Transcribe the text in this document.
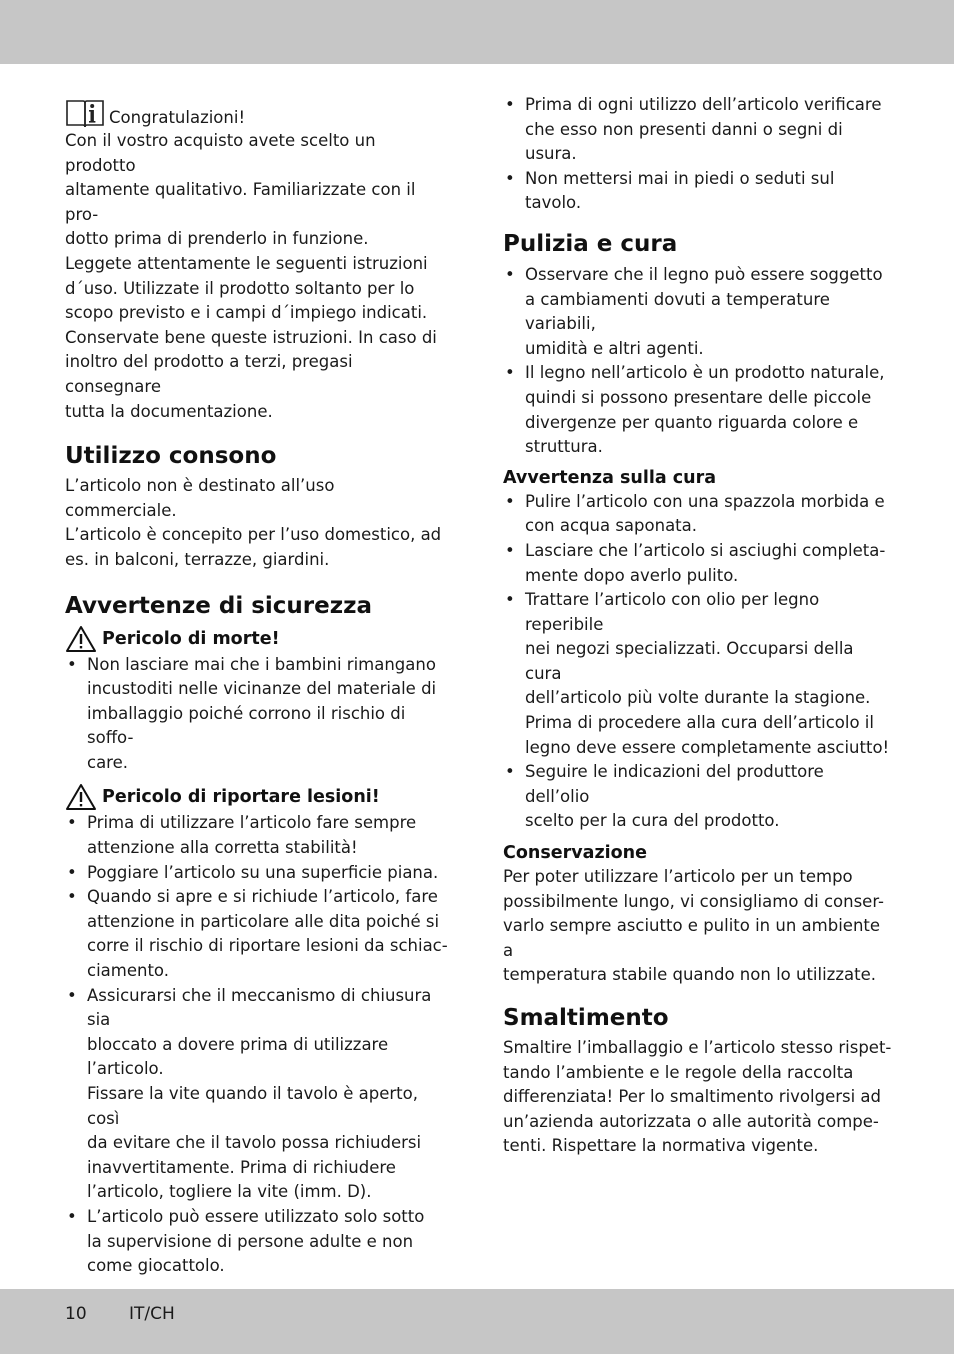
Congratulazioni!

Con il vostro acquisto avete scelto un prodotto
altamente qualitativo. Familiarizzate con il pro-
dotto prima di prenderlo in funzione.
Leggete attentamente le seguenti istruzioni
d´uso. Utilizzate il prodotto soltanto per lo
scopo previsto e i campi d´impiego indicati.
Conservate bene queste istruzioni. In caso di
inoltro del prodotto a terzi, pregasi consegnare
tutta la documentazione.

Utilizzo consono

L’articolo non è destinato all’uso commerciale.
L’articolo è concepito per l’uso domestico, ad
es. in balconi, terrazze, giardini.

Avvertenze di sicurezza
Pericolo di morte!
• Non lasciare mai che i bambini rimangano
incustoditi nelle vicinanze del materiale di
imballaggio poiché corrono il rischio di soffo-
care.
Pericolo di riportare lesioni!
• Prima di utilizzare l’articolo fare sempre
attenzione alla corretta stabilità!
• Poggiare l’articolo su una superficie piana.
• Quando si apre e si richiude l’articolo, fare
attenzione in particolare alle dita poiché si
corre il rischio di riportare lesioni da schiac-
ciamento.
• Assicurarsi che il meccanismo di chiusura sia
bloccato a dovere prima di utilizzare
l’articolo.
Fissare la vite quando il tavolo è aperto, così
da evitare che il tavolo possa richiudersi
inavvertitamente. Prima di richiudere
l’articolo, togliere la vite (imm. D).
• L’articolo può essere utilizzato solo sotto
la supervisione di persone adulte e non
come giocattolo.
• Prima di ogni utilizzo dell’articolo verificare
che esso non presenti danni o segni di usura.
• Non mettersi mai in piedi o seduti sul tavolo.
Pulizia e cura
• Osservare che il legno può essere soggetto
a cambiamenti dovuti a temperature variabili,
umidità e altri agenti.
• Il legno nell’articolo è un prodotto naturale,
quindi si possono presentare delle piccole
divergenze per quanto riguarda colore e
struttura.
Avvertenza sulla cura
• Pulire l’articolo con una spazzola morbida e
con acqua saponata.
• Lasciare che l’articolo si asciughi completa-
mente dopo averlo pulito.
• Trattare l’articolo con olio per legno reperibile
nei negozi specializzati. Occuparsi della cura
dell’articolo più volte durante la stagione.
Prima di procedere alla cura dell’articolo il
legno deve essere completamente asciutto!
• Seguire le indicazioni del produttore dell’olio
scelto per la cura del prodotto.
Conservazione

Per poter utilizzare l’articolo per un tempo
possibilmente lungo, vi consigliamo di conser-
varlo sempre asciutto e pulito in un ambiente a
temperatura stabile quando non lo utilizzate.

Smaltimento

Smaltire l’imballaggio e l’articolo stesso rispet-
tando l’ambiente e le regole della raccolta
differenziata! Per lo smaltimento rivolgersi ad
un’azienda autorizzata o alle autorità compe-
tenti. Rispettare la normativa vigente.

10 IT/CH
